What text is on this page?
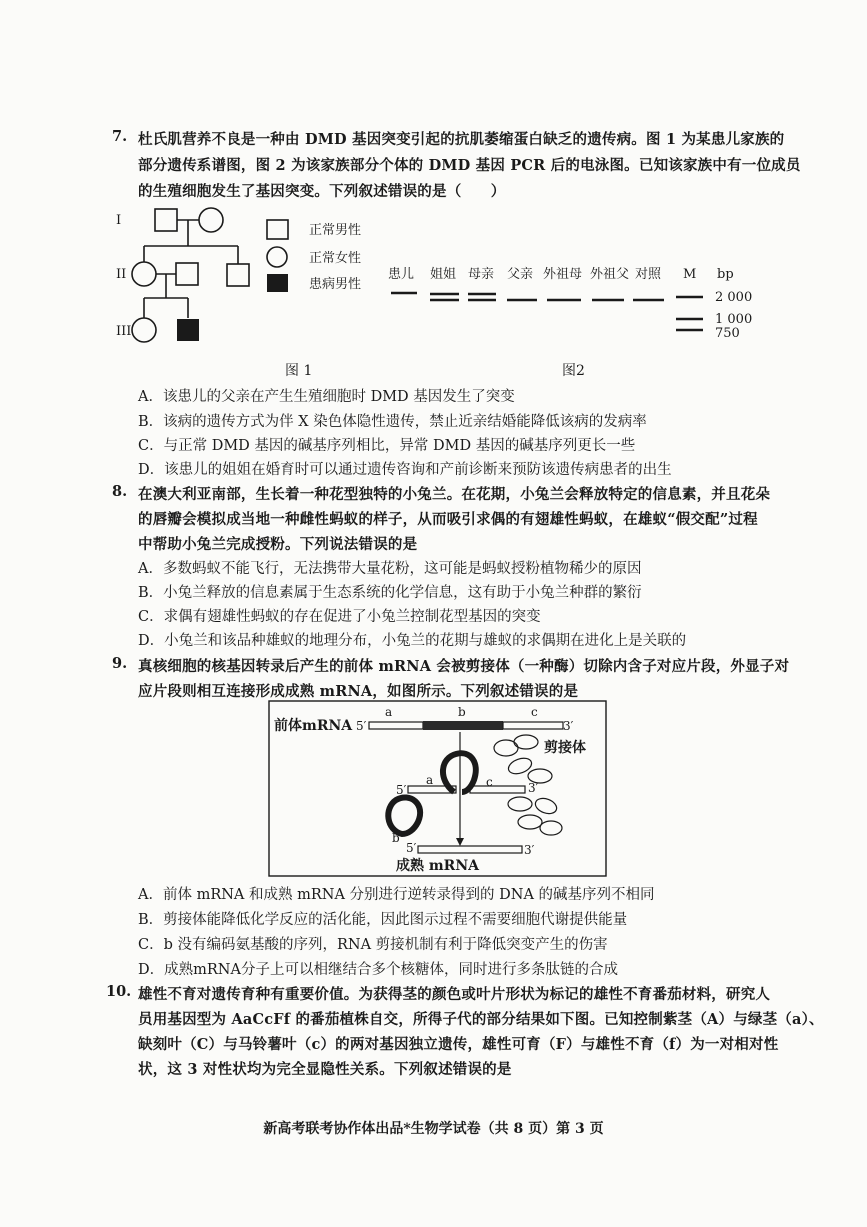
7. 杜氏肌营养不良是一种由 DMD 基因突变引起的抗肌萎缩蛋白缺乏的遗传病。图 1 为某患儿家族的
部分遗传系谱图，图 2 为该家族部分个体的 DMD 基因 PCR 后的电泳图。已知该家族中有一位成员
的生殖细胞发生了基因突变。下列叙述错误的是（　　）
I
II
III
正常男性
正常女性
患病男性
患儿 姐姐 母亲 父亲 外祖母 外祖父 对照 M bp
2 000
1 000
750
图 1	图2
A．该患儿的父亲在产生生殖细胞时 DMD 基因发生了突变
B．该病的遗传方式为伴 X 染色体隐性遗传，禁止近亲结婚能降低该病的发病率
C．与正常 DMD 基因的碱基序列相比，异常 DMD 基因的碱基序列更长一些
D．该患儿的姐姐在婚育时可以通过遗传咨询和产前诊断来预防该遗传病患者的出生
8. 在澳大利亚南部，生长着一种花型独特的小兔兰。在花期，小兔兰会释放特定的信息素，并且花朵
的唇瓣会模拟成当地一种雌性蚂蚁的样子，从而吸引求偶的有翅雄性蚂蚁，在雄蚁“假交配”过程
中帮助小兔兰完成授粉。下列说法错误的是
A．多数蚂蚁不能飞行，无法携带大量花粉，这可能是蚂蚁授粉植物稀少的原因
B．小兔兰释放的信息素属于生态系统的化学信息，这有助于小兔兰种群的繁衍
C．求偶有翅雄性蚂蚁的存在促进了小兔兰控制花型基因的突变
D．小兔兰和该品种雄蚁的地理分布，小兔兰的花期与雄蚁的求偶期在进化上是关联的
9. 真核细胞的核基因转录后产生的前体 mRNA 会被剪接体（一种酶）切除内含子对应片段，外显子对
应片段则相互连接形成成熟 mRNA，如图所示。下列叙述错误的是
前体mRNA 5′	3′
a	b	c
剪接体
5′	3′
a	c
b
5′	3′
成熟 mRNA
A．前体 mRNA 和成熟 mRNA 分别进行逆转录得到的 DNA 的碱基序列不相同
B．剪接体能降低化学反应的活化能，因此图示过程不需要细胞代谢提供能量
C．b 没有编码氨基酸的序列，RNA 剪接机制有利于降低突变产生的伤害
D．成熟mRNA分子上可以相继结合多个核糖体，同时进行多条肽链的合成
10. 雄性不育对遗传育种有重要价值。为获得茎的颜色或叶片形状为标记的雄性不育番茄材料，研究人
员用基因型为 AaCcFf 的番茄植株自交，所得子代的部分结果如下图。已知控制紫茎（A）与绿茎（a）、
缺刻叶（C）与马铃薯叶（c）的两对基因独立遗传，雄性可育（F）与雄性不育（f）为一对相对性
状，这 3 对性状均为完全显隐性关系。下列叙述错误的是
新高考联考协作体出品*生物学试卷（共 8 页）第 3 页
